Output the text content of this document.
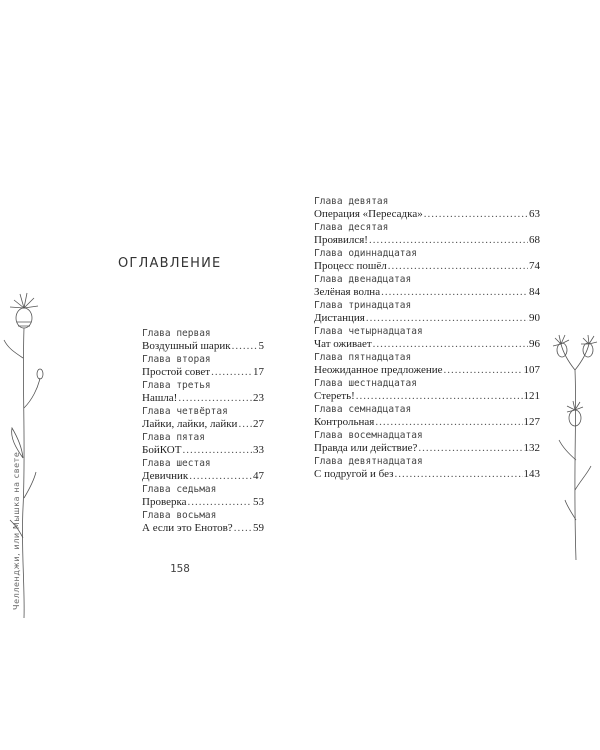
Челленджи, или Мышка на свете
ОГЛАВЛЕНИЕ
Глава первая
Воздушный шарик .....	5
Глава вторая
Простой совет .....	17
Глава третья
Нашла! .....	23
Глава четвёртая
Лайки, лайки, лайки ..... 27
Глава пятая
БойКОТ .....	33
Глава шестая
Девичник .....	47
Глава седьмая
Проверка .....	53
Глава восьмая
А если это Енотов? ..... 59
158
Глава девятая
Операция «Пересадка» .....	63
Глава десятая
Проявился! .....	68
Глава одиннадцатая
Процесс пошёл .....	74
Глава двенадцатая
Зелёная волна .....	84
Глава тринадцатая
Дистанция .....	90
Глава четырнадцатая
Чат оживает .....	96
Глава пятнадцатая
Неожиданное предложение .....	107
Глава шестнадцатая
Стереть! .....	121
Глава семнадцатая
Контрольная .....	127
Глава восемнадцатая
Правда или действие? .....	132
Глава девятнадцатая
С подругой и без .....	143
